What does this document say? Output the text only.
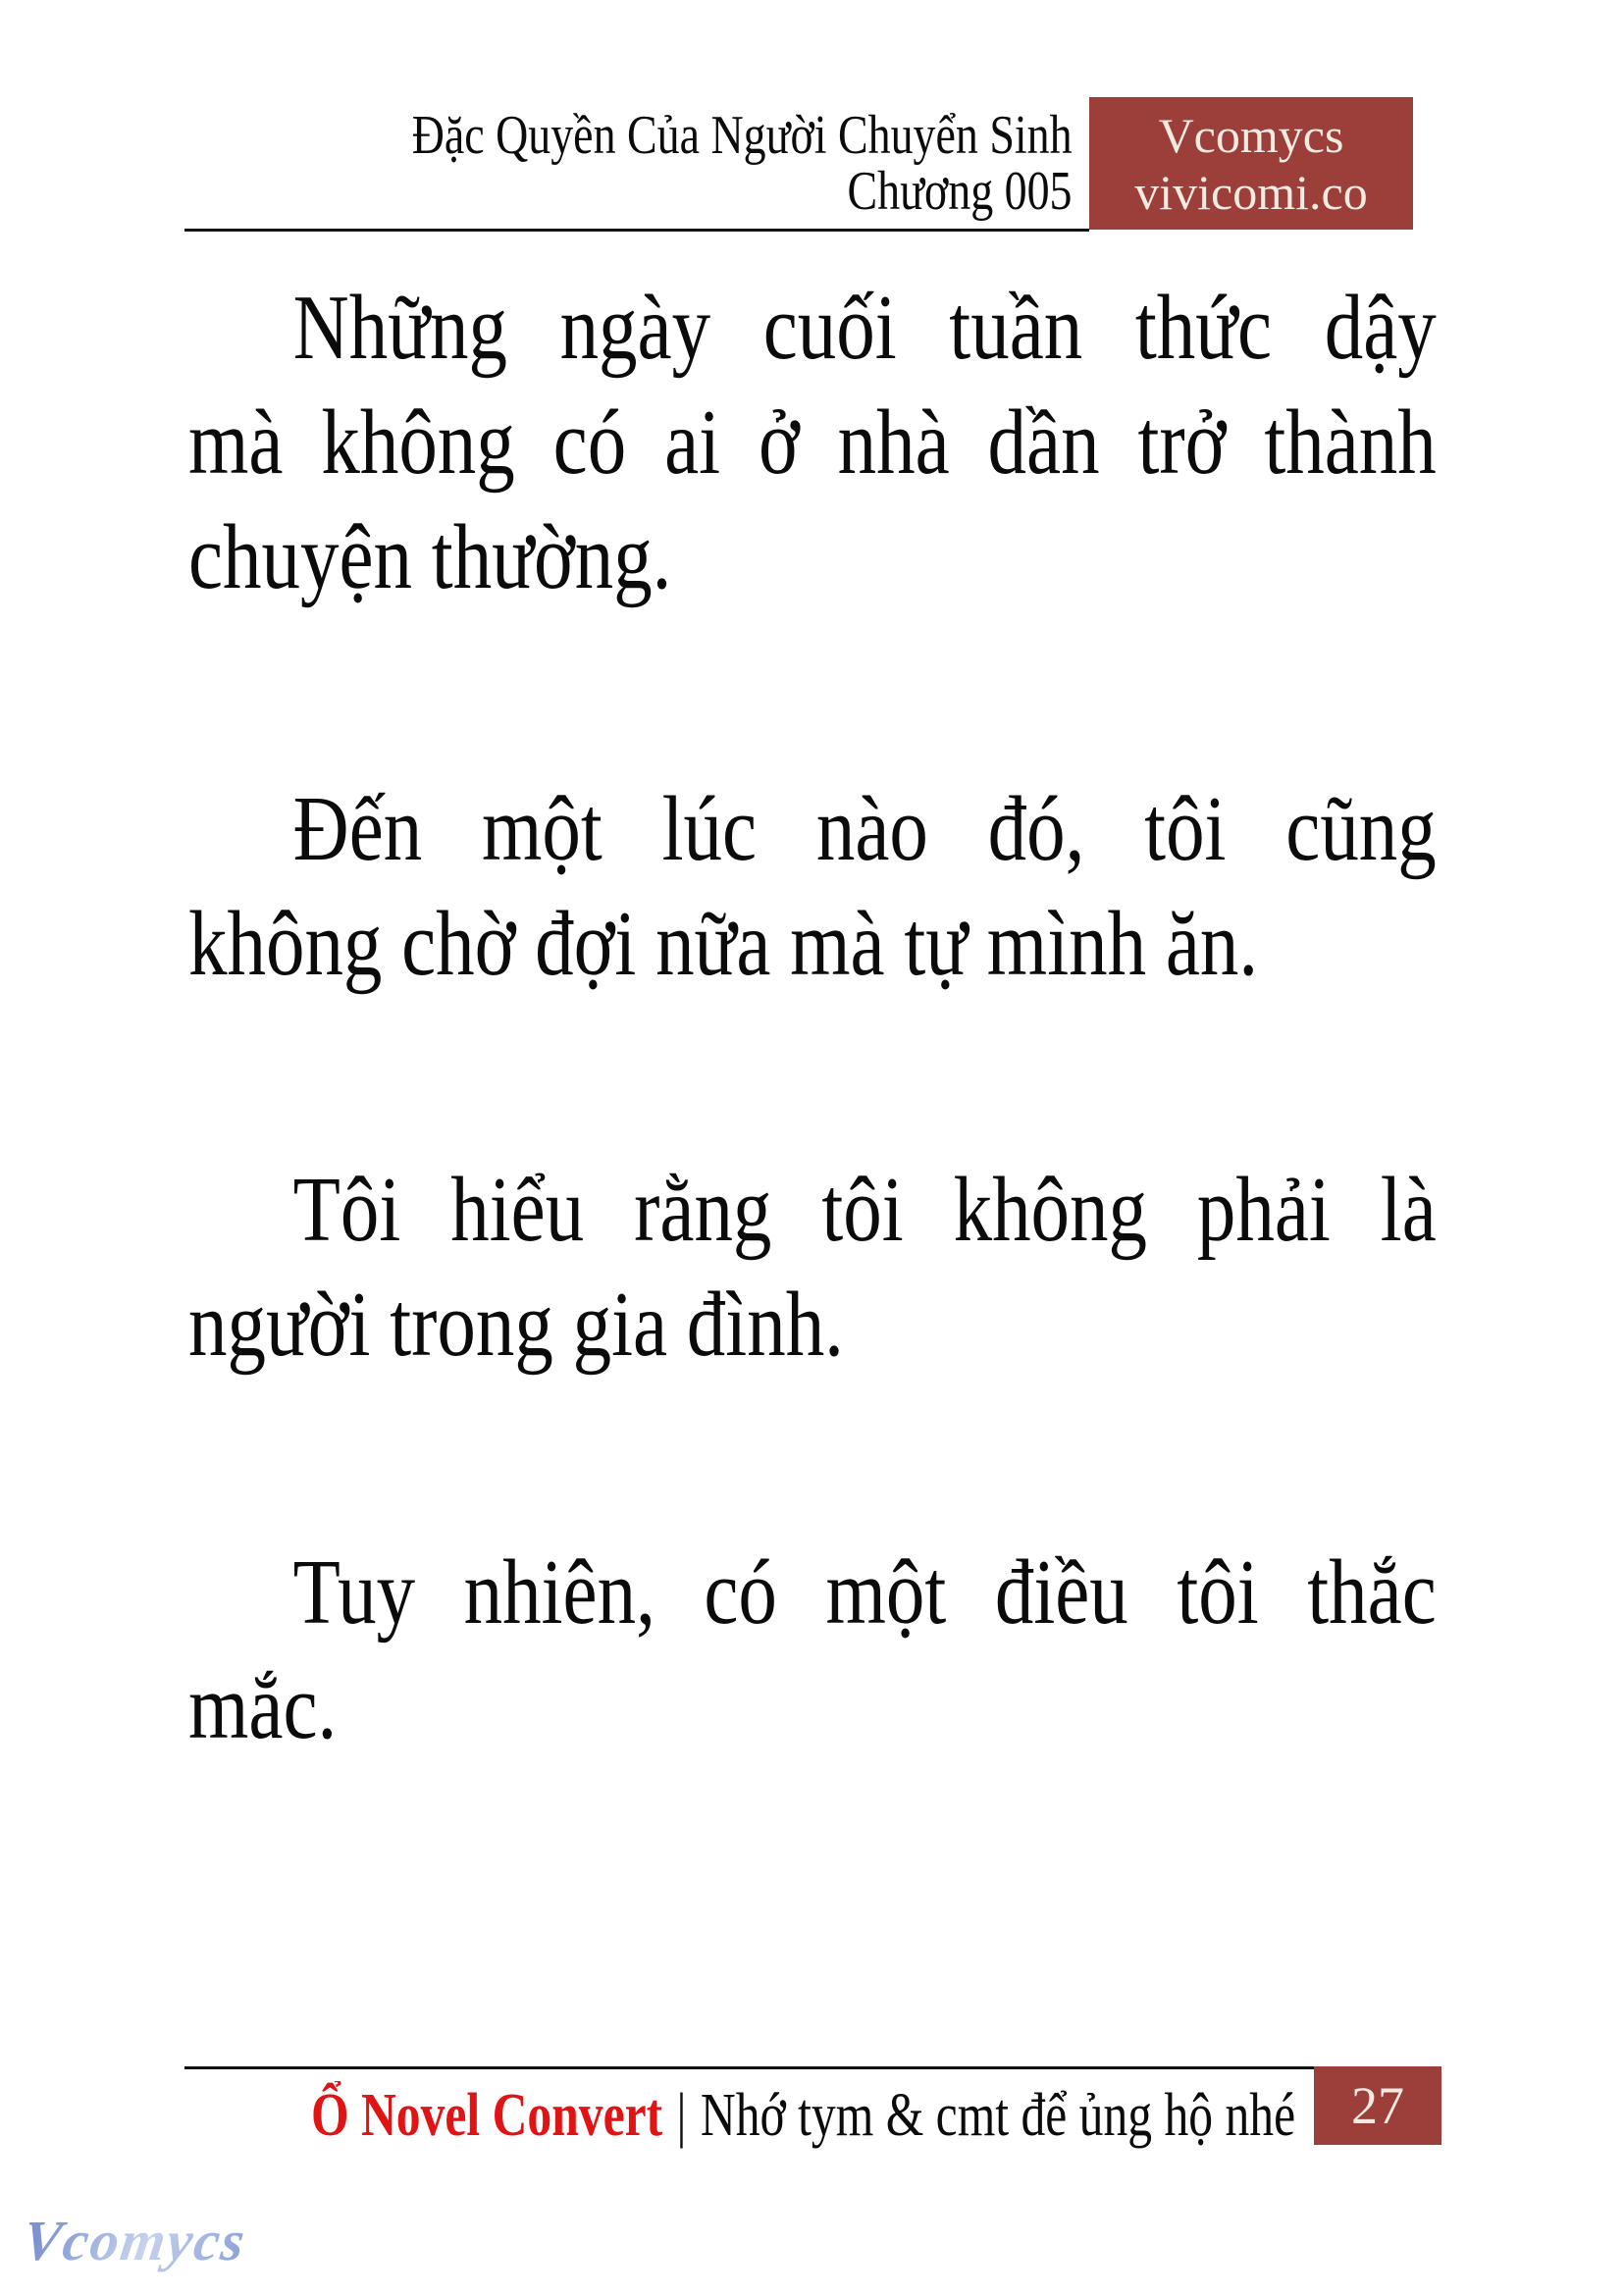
Đặc Quyền Của Người Chuyển Sinh
Chương 005
Vcomycs
vivicomi.co
Những ngày cuối tuần thức dậy
mà không có ai ở nhà dần trở thành
chuyện thường.
Đến một lúc nào đó, tôi cũng
không chờ đợi nữa mà tự mình ăn.
Tôi hiểu rằng tôi không phải là
người trong gia đình.
Tuy nhiên, có một điều tôi thắc
mắc.
Ổ Novel Convert | Nhớ tym & cmt để ủng hộ nhé	27
Vcomycs
